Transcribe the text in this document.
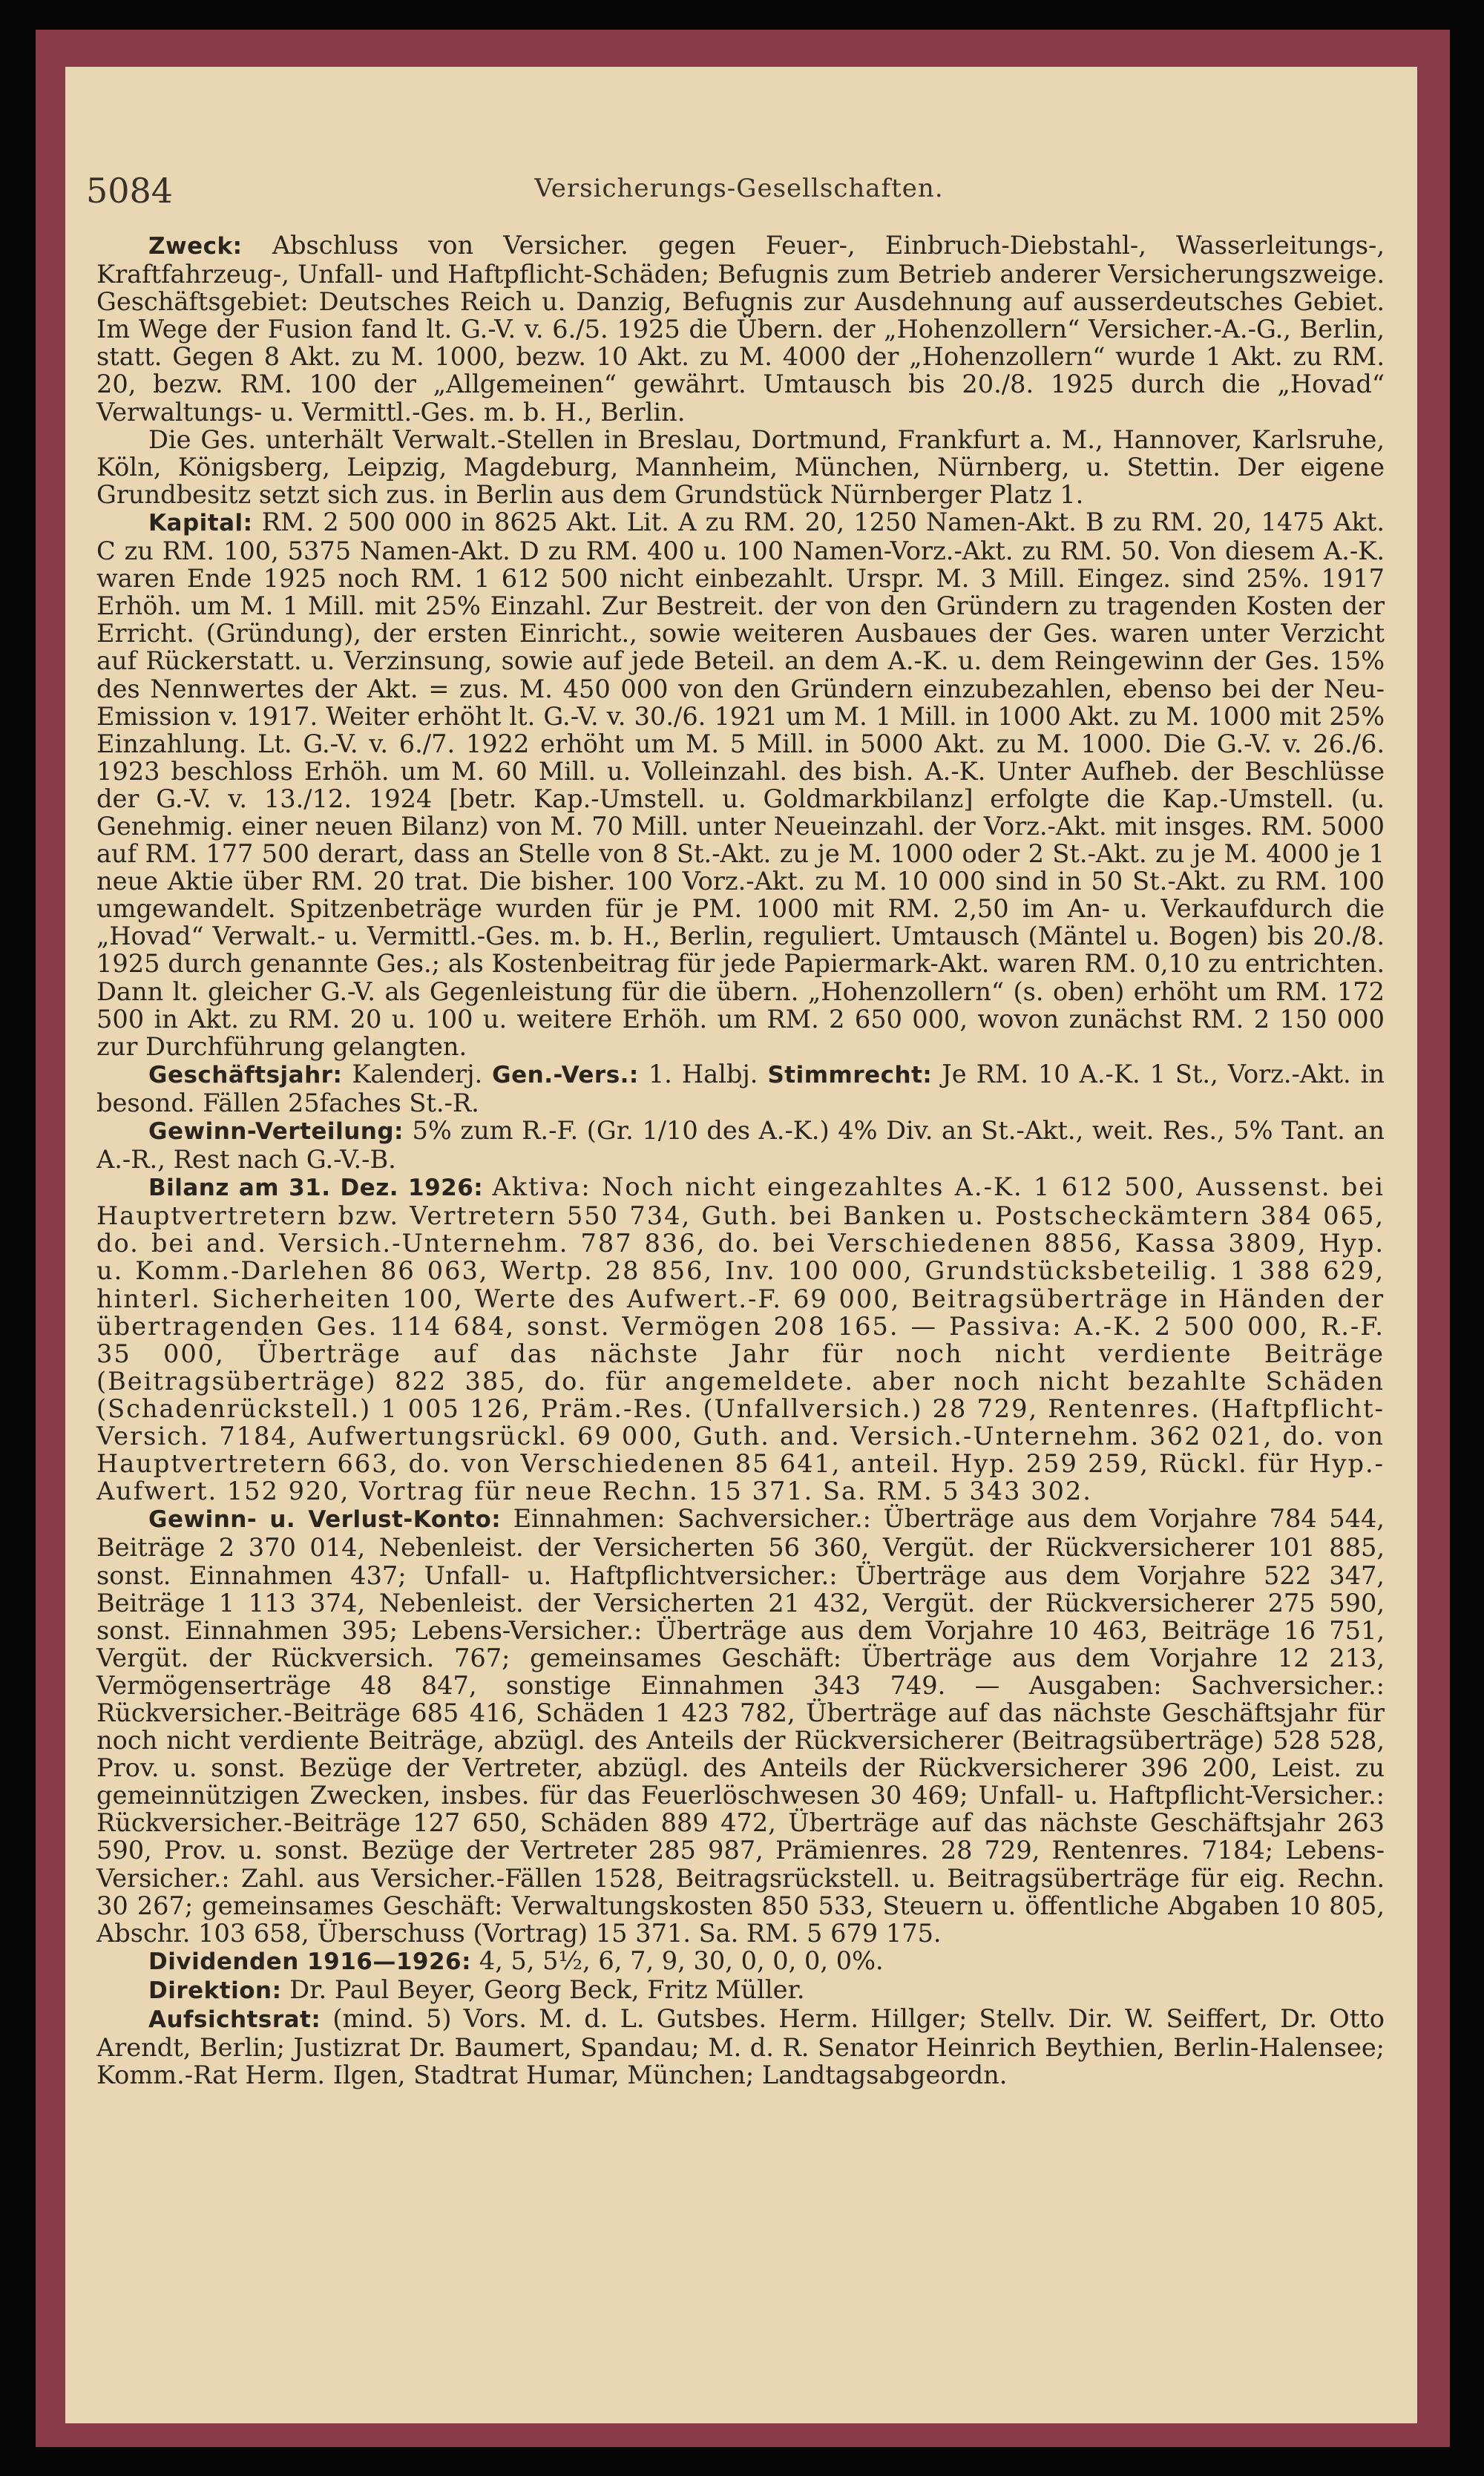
5084	Versicherungs-Gesellschaften.

Zweck: Abschluss von Versicher. gegen Feuer-, Einbruch-Diebstahl-, Wasserleitungs-, Kraftfahrzeug-, Unfall- und Haftpflicht-Schäden; Befugnis zum Betrieb anderer Versicherungszweige. Geschäftsgebiet: Deutsches Reich u. Danzig, Befugnis zur Ausdehnung auf ausserdeutsches Gebiet. Im Wege der Fusion fand lt. G.-V. v. 6./5. 1925 die Übern. der „Hohenzollern“ Versicher.-A.-G., Berlin, statt. Gegen 8 Akt. zu M. 1000, bezw. 10 Akt. zu M. 4000 der „Hohenzollern“ wurde 1 Akt. zu RM. 20, bezw. RM. 100 der „Allgemeinen“ gewährt. Umtausch bis 20./8. 1925 durch die „Hovad“ Verwaltungs- u. Vermittl.-Ges. m. b. H., Berlin.

Die Ges. unterhält Verwalt.-Stellen in Breslau, Dortmund, Frankfurt a. M., Hannover, Karlsruhe, Köln, Königsberg, Leipzig, Magdeburg, Mannheim, München, Nürnberg, u. Stettin. Der eigene Grundbesitz setzt sich zus. in Berlin aus dem Grundstück Nürnberger Platz 1.

Kapital: RM. 2 500 000 in 8625 Akt. Lit. A zu RM. 20, 1250 Namen-Akt. B zu RM. 20, 1475 Akt. C zu RM. 100, 5375 Namen-Akt. D zu RM. 400 u. 100 Namen-Vorz.-Akt. zu RM. 50. Von diesem A.-K. waren Ende 1925 noch RM. 1 612 500 nicht einbezahlt. Urspr. M. 3 Mill. Eingez. sind 25%. 1917 Erhöh. um M. 1 Mill. mit 25% Einzahl. Zur Bestreit. der von den Gründern zu tragenden Kosten der Erricht. (Gründung), der ersten Einricht., sowie weiteren Ausbaues der Ges. waren unter Verzicht auf Rückerstatt. u. Verzinsung, sowie auf jede Beteil. an dem A.-K. u. dem Reingewinn der Ges. 15% des Nennwertes der Akt. = zus. M. 450 000 von den Gründern einzubezahlen, ebenso bei der Neu-Emission v. 1917. Weiter erhöht lt. G.-V. v. 30./6. 1921 um M. 1 Mill. in 1000 Akt. zu M. 1000 mit 25% Einzahlung. Lt. G.-V. v. 6./7. 1922 erhöht um M. 5 Mill. in 5000 Akt. zu M. 1000. Die G.-V. v. 26./6. 1923 beschloss Erhöh. um M. 60 Mill. u. Volleinzahl. des bish. A.-K. Unter Aufheb. der Beschlüsse der G.-V. v. 13./12. 1924 [betr. Kap.-Umstell. u. Goldmarkbilanz] erfolgte die Kap.-Umstell. (u. Genehmig. einer neuen Bilanz) von M. 70 Mill. unter Neueinzahl. der Vorz.-Akt. mit insges. RM. 5000 auf RM. 177 500 derart, dass an Stelle von 8 St.-Akt. zu je M. 1000 oder 2 St.-Akt. zu je M. 4000 je 1 neue Aktie über RM. 20 trat. Die bisher. 100 Vorz.-Akt. zu M. 10 000 sind in 50 St.-Akt. zu RM. 100 umgewandelt. Spitzenbeträge wurden für je PM. 1000 mit RM. 2,50 im An- u. Verkaufdurch die „Hovad“ Verwalt.- u. Vermittl.-Ges. m. b. H., Berlin, reguliert. Umtausch (Mäntel u. Bogen) bis 20./8. 1925 durch genannte Ges.; als Kostenbeitrag für jede Papiermark-Akt. waren RM. 0,10 zu entrichten. Dann lt. gleicher G.-V. als Gegenleistung für die übern. „Hohenzollern“ (s. oben) erhöht um RM. 172 500 in Akt. zu RM. 20 u. 100 u. weitere Erhöh. um RM. 2 650 000, wovon zunächst RM. 2 150 000 zur Durchführung gelangten.

Geschäftsjahr: Kalenderj. Gen.-Vers.: 1. Halbj. Stimmrecht: Je RM. 10 A.-K. 1 St., Vorz.-Akt. in besond. Fällen 25faches St.-R.

Gewinn-Verteilung: 5% zum R.-F. (Gr. 1/10 des A.-K.) 4% Div. an St.-Akt., weit. Res., 5% Tant. an A.-R., Rest nach G.-V.-B.

Bilanz am 31. Dez. 1926: Aktiva: Noch nicht eingezahltes A.-K. 1 612 500, Aussenst. bei Hauptvertretern bzw. Vertretern 550 734, Guth. bei Banken u. Postscheckämtern 384 065, do. bei and. Versich.-Unternehm. 787 836, do. bei Verschiedenen 8856, Kassa 3809, Hyp. u. Komm.-Darlehen 86 063, Wertp. 28 856, Inv. 100 000, Grundstücksbeteilig. 1 388 629, hinterl. Sicherheiten 100, Werte des Aufwert.-F. 69 000, Beitragsüberträge in Händen der übertragenden Ges. 114 684, sonst. Vermögen 208 165. — Passiva: A.-K. 2 500 000, R.-F. 35 000, Überträge auf das nächste Jahr für noch nicht verdiente Beiträge (Beitragsüberträge) 822 385, do. für angemeldete. aber noch nicht bezahlte Schäden (Schadenrückstell.) 1 005 126, Präm.-Res. (Unfallversich.) 28 729, Rentenres. (Haftpflicht-Versich. 7184, Aufwertungsrückl. 69 000, Guth. and. Versich.-Unternehm. 362 021, do. von Hauptvertretern 663, do. von Verschiedenen 85 641, anteil. Hyp. 259 259, Rückl. für Hyp.-Aufwert. 152 920, Vortrag für neue Rechn. 15 371. Sa. RM. 5 343 302.

Gewinn- u. Verlust-Konto: Einnahmen: Sachversicher.: Überträge aus dem Vorjahre 784 544, Beiträge 2 370 014, Nebenleist. der Versicherten 56 360, Vergüt. der Rückversicherer 101 885, sonst. Einnahmen 437; Unfall- u. Haftpflichtversicher.: Überträge aus dem Vorjahre 522 347, Beiträge 1 113 374, Nebenleist. der Versicherten 21 432, Vergüt. der Rückversicherer 275 590, sonst. Einnahmen 395; Lebens-Versicher.: Überträge aus dem Vorjahre 10 463, Beiträge 16 751, Vergüt. der Rückversich. 767; gemeinsames Geschäft: Überträge aus dem Vorjahre 12 213, Vermögenserträge 48 847, sonstige Einnahmen 343 749. — Ausgaben: Sachversicher.: Rückversicher.-Beiträge 685 416, Schäden 1 423 782, Überträge auf das nächste Geschäftsjahr für noch nicht verdiente Beiträge, abzügl. des Anteils der Rückversicherer (Beitragsüberträge) 528 528, Prov. u. sonst. Bezüge der Vertreter, abzügl. des Anteils der Rückversicherer 396 200, Leist. zu gemeinnützigen Zwecken, insbes. für das Feuerlöschwesen 30 469; Unfall- u. Haftpflicht-Versicher.: Rückversicher.-Beiträge 127 650, Schäden 889 472, Überträge auf das nächste Geschäftsjahr 263 590, Prov. u. sonst. Bezüge der Vertreter 285 987, Prämienres. 28 729, Rentenres. 7184; Lebens-Versicher.: Zahl. aus Versicher.-Fällen 1528, Beitragsrückstell. u. Beitragsüberträge für eig. Rechn. 30 267; gemeinsames Geschäft: Verwaltungskosten 850 533, Steuern u. öffentliche Abgaben 10 805, Abschr. 103 658, Überschuss (Vortrag) 15 371. Sa. RM. 5 679 175.

Dividenden 1916—1926: 4, 5, 5½, 6, 7, 9, 30, 0, 0, 0, 0%.

Direktion: Dr. Paul Beyer, Georg Beck, Fritz Müller.

Aufsichtsrat: (mind. 5) Vors. M. d. L. Gutsbes. Herm. Hillger; Stellv. Dir. W. Seiffert, Dr. Otto Arendt, Berlin; Justizrat Dr. Baumert, Spandau; M. d. R. Senator Heinrich Beythien, Berlin-Halensee; Komm.-Rat Herm. Ilgen, Stadtrat Humar, München; Landtagsabgeordn.
